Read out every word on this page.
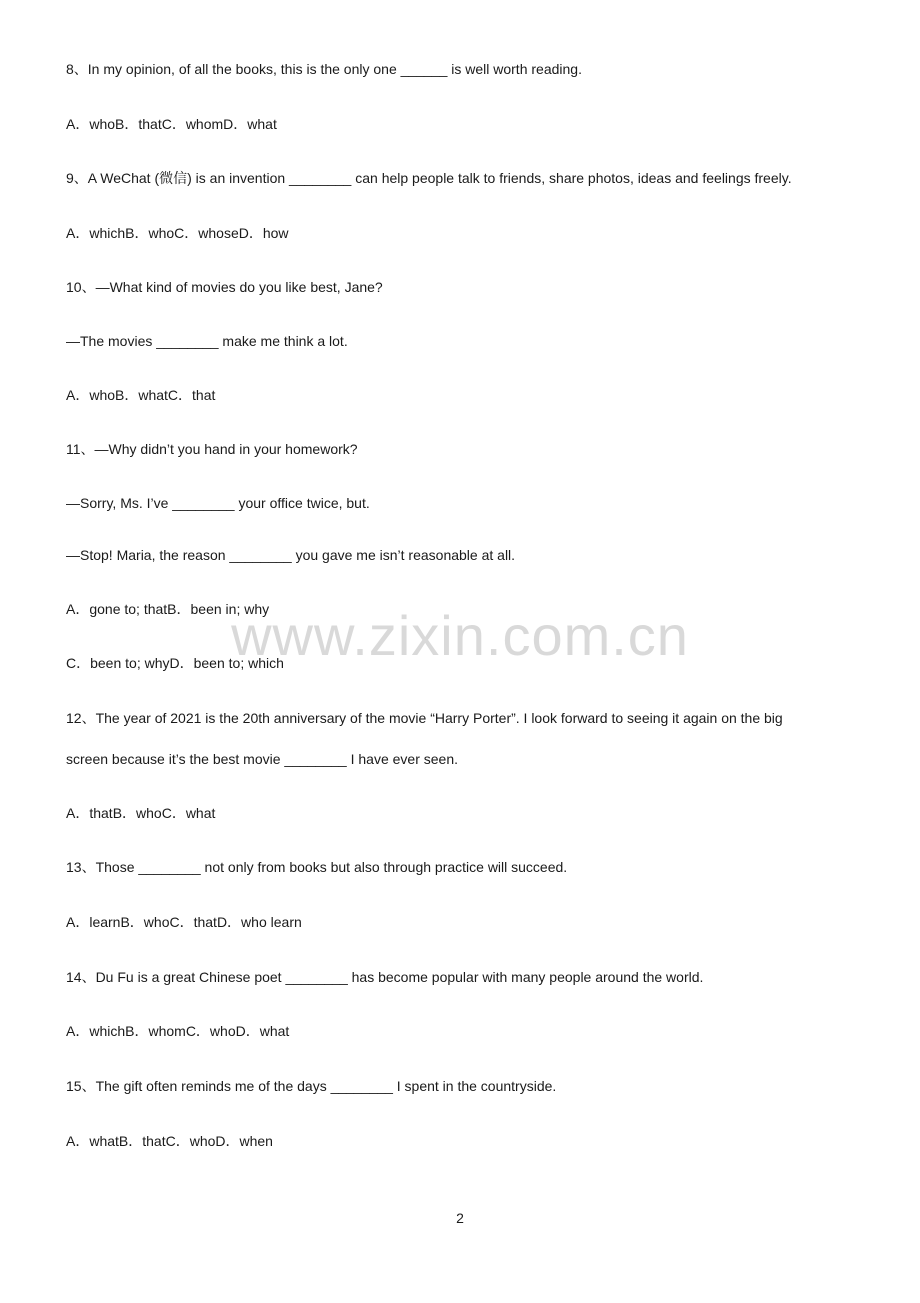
8、In my opinion, of all the books, this is the only one ______ is well worth reading.
A．whoB．thatC．whomD．what
9、A WeChat (微信) is an invention ________ can help people talk to friends, share photos, ideas and feelings freely.
A．whichB．whoC．whoseD．how
10、—What kind of movies do you like best, Jane?
—The movies ________ make me think a lot.
A．whoB．whatC．that
11、—Why didn’t you hand in your homework?
—Sorry, Ms. I’ve ________ your office twice, but.
—Stop! Maria, the reason ________ you gave me isn’t reasonable at all.
A．gone to; thatB．been in; why
C．been to; whyD．been to; which
12、The year of 2021 is the 20th anniversary of the movie “Harry Porter”. I look forward to seeing it again on the big
screen because it’s the best movie ________ I have ever seen.
A．thatB．whoC．what
13、Those ________ not only from books but also through practice will succeed.
A．learnB．whoC．thatD．who learn
14、Du Fu is a great Chinese poet ________ has become popular with many people around the world.
A．whichB．whomC．whoD．what
15、The gift often reminds me of the days ________ I spent in the countryside.
A．whatB．thatC．whoD．when
www.zixin.com.cn
2
